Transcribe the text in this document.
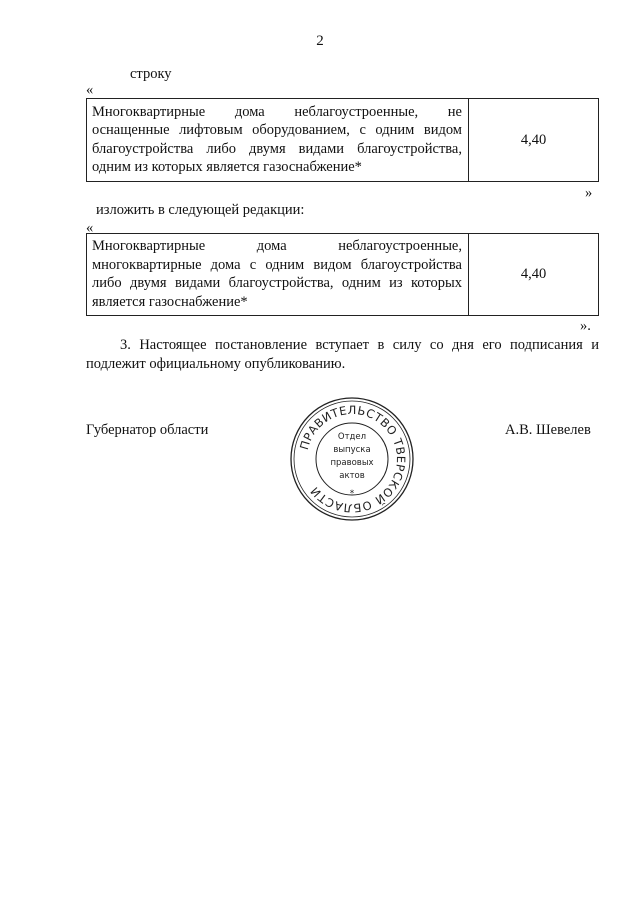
2
строку
«
Многоквартирные дома неблагоустроенные, не оснащенные лифтовым оборудованием, с одним видом благоустройства либо двумя видами благоустройства, одним из которых является газоснабжение*	4,40
»
изложить в следующей редакции:
«
Многоквартирные дома неблагоустроенные, многоквартирные дома с одним видом благоустройства либо двумя видами благоустройства, одним из которых является газоснабжение*	4,40
».
3. Настоящее постановление вступает в силу со дня его подписания и подлежит официальному опубликованию.
Губернатор области	А.В. Шевелев
ПРАВИТЕЛЬСТВО ТВЕРСКОЙ ОБЛАСТИ
Отдел
выпуска
правовых
актов
*
